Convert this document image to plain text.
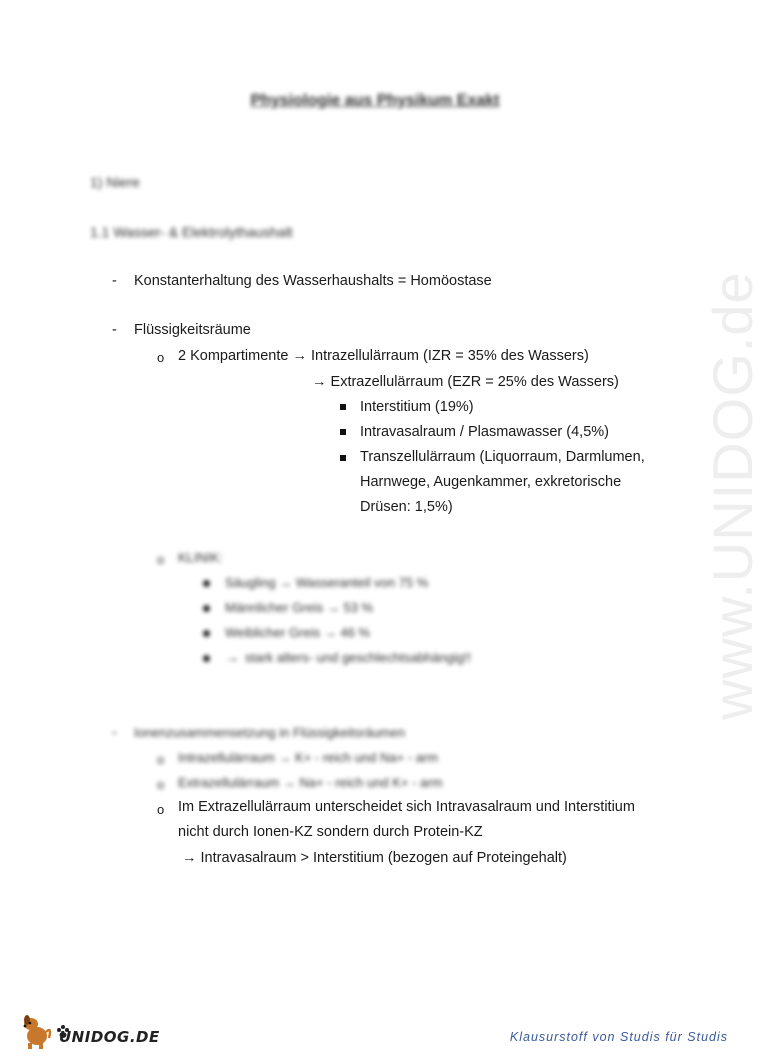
www.UNIDOG.de
Physiologie aus Physikum Exakt
1) Niere
1.1 Wasser- & Elektrolythaushalt
- Konstanterhaltung des Wasserhaushalts = Homöostase
- Flüssigkeitsräume
o 2 Kompartimente → Intrazellulärraum (IZR = 35% des Wassers)
→ Extrazellulärraum (EZR = 25% des Wassers)
Interstitium (19%)
Intravasalraum / Plasmawasser (4,5%)
Transzellulärraum (Liquorraum, Darmlumen,
Harnwege, Augenkammer, exkretorische
Drüsen: 1,5%)
o KLINIK:
Säugling → Wasseranteil von 75 %
Männlicher Greis → 53 %
Weiblicher Greis → 46 %
→ stark alters- und geschlechtsabhängig!!
- Ionenzusammensetzung in Flüssigkeitsräumen
o Intrazellulärraum → K+ - reich und Na+ - arm
o Extrazellulärraum → Na+ - reich und K+ - arm
o Im Extrazellulärraum unterscheidet sich Intravasalraum und Interstitium
nicht durch Ionen-KZ sondern durch Protein-KZ
→ Intravasalraum > Interstitium (bezogen auf Proteingehalt)
UNIDOG.DE	Klausurstoff von Studis für Studis
